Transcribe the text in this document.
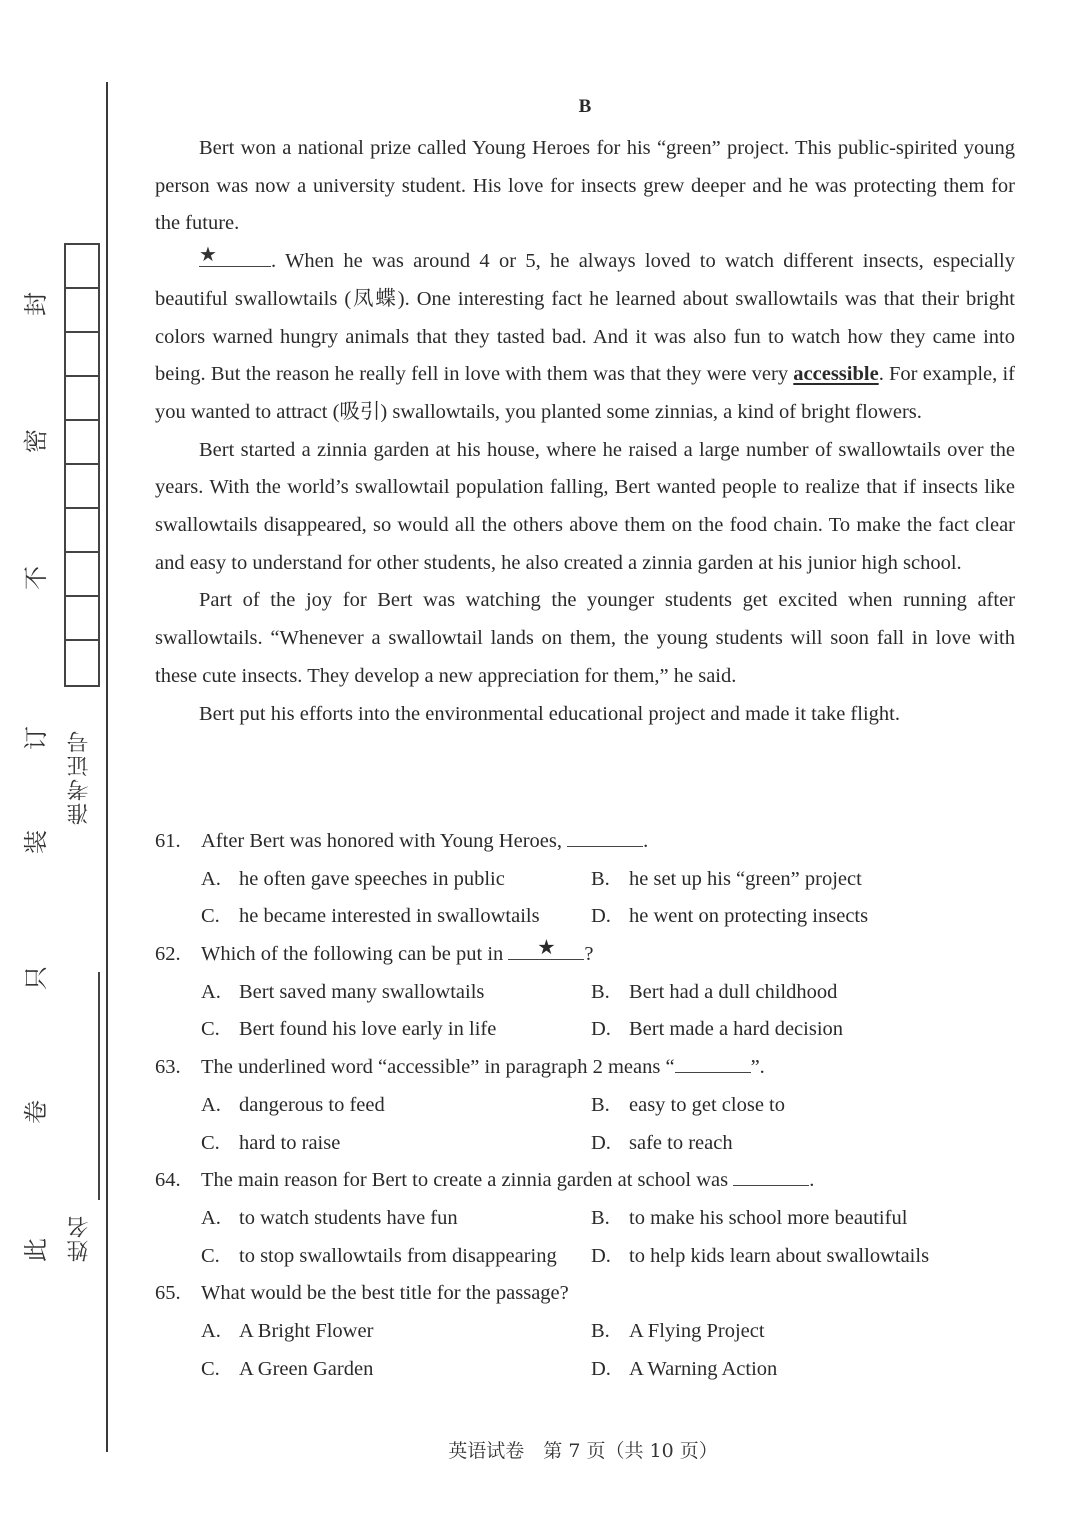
封
密
不
订
装
只
卷
此
准考证号
姓名
B

Bert won a national prize called Young Heroes for his “green” project. This public-spirited young person was now a university student. His love for insects grew deeper and he was protecting them for the future.

★	. When he was around 4 or 5, he always loved to watch different insects, especially beautiful swallowtails (凤蝶). One interesting fact he learned about swallowtails was that their bright colors warned hungry animals that they tasted bad. And it was also fun to watch how they came into being. But the reason he really fell in love with them was that they were very accessible. For example, if you wanted to attract (吸引) swallowtails, you planted some zinnias, a kind of bright flowers.

Bert started a zinnia garden at his house, where he raised a large number of swallowtails over the years. With the world’s swallowtail population falling, Bert wanted people to realize that if insects like swallowtails disappeared, so would all the others above them on the food chain. To make the fact clear and easy to understand for other students, he also created a zinnia garden at his junior high school.

Part of the joy for Bert was watching the younger students get excited when running after swallowtails. “Whenever a swallowtail lands on them, the young students will soon fall in love with these cute insects. They develop a new appreciation for them,” he said.

Bert put his efforts into the environmental educational project and made it take flight.

61. After Bert was honored with Young Heroes,	.
A. he often gave speeches in public	B. he set up his “green” project
C. he became interested in swallowtails	D. he went on protecting insects
62. Which of the following can be put in ★ ?
A. Bert saved many swallowtails	B. Bert had a dull childhood
C. Bert found his love early in life	D. Bert made a hard decision
63. The underlined word “accessible” in paragraph 2 means “	”.
A. dangerous to feed	B. easy to get close to
C. hard to raise	D. safe to reach
64. The main reason for Bert to create a zinnia garden at school was	.
A. to watch students have fun	B. to make his school more beautiful
C. to stop swallowtails from disappearing	D. to help kids learn about swallowtails
65. What would be the best title for the passage?
A. A Bright Flower	B. A Flying Project
C. A Green Garden	D. A Warning Action
英语试卷　第 7 页（共 10 页）
